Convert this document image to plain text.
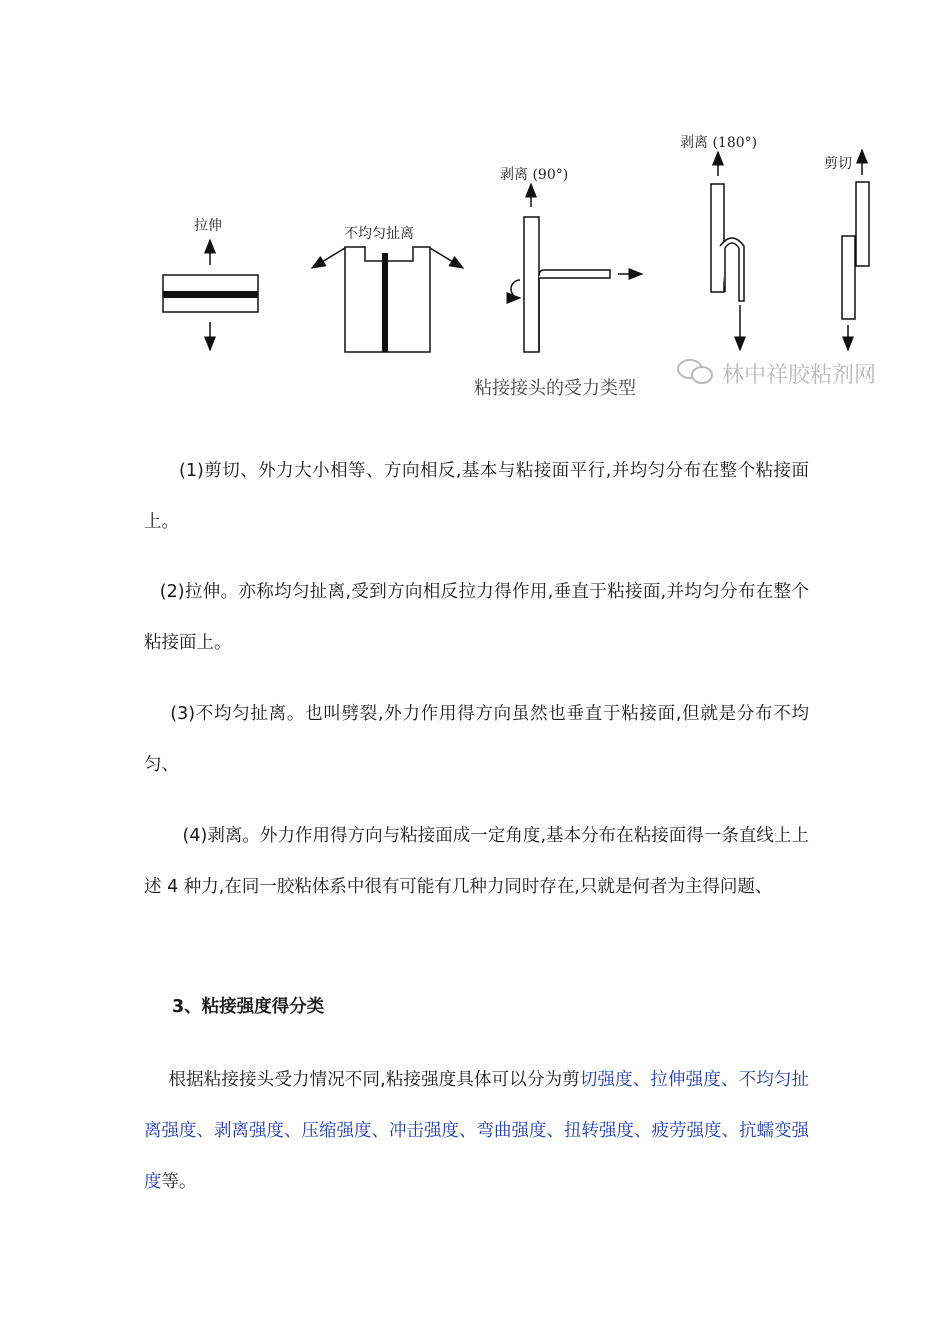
拉伸	不均匀扯离
剥离 (90°)
剥离 (180°)
剪切
粘接接头的受力类型
林中祥胶粘剂网

(1)剪切、外力大小相等、方向相反,基本与粘接面平行,并均匀分布在整个粘接面上。

(2)拉伸。亦称均匀扯离,受到方向相反拉力得作用,垂直于粘接面,并均匀分布在整个粘接面上。

(3)不均匀扯离。也叫劈裂,外力作用得方向虽然也垂直于粘接面,但就是分布不均匀、

(4)剥离。外力作用得方向与粘接面成一定角度,基本分布在粘接面得一条直线上上述 4 种力,在同一胶粘体系中很有可能有几种力同时存在,只就是何者为主得问题、

3、粘接强度得分类

根据粘接接头受力情况不同,粘接强度具体可以分为剪切强度、拉伸强度、不均匀扯离强度、剥离强度、压缩强度、冲击强度、弯曲强度、扭转强度、疲劳强度、抗蠕变强度等。
